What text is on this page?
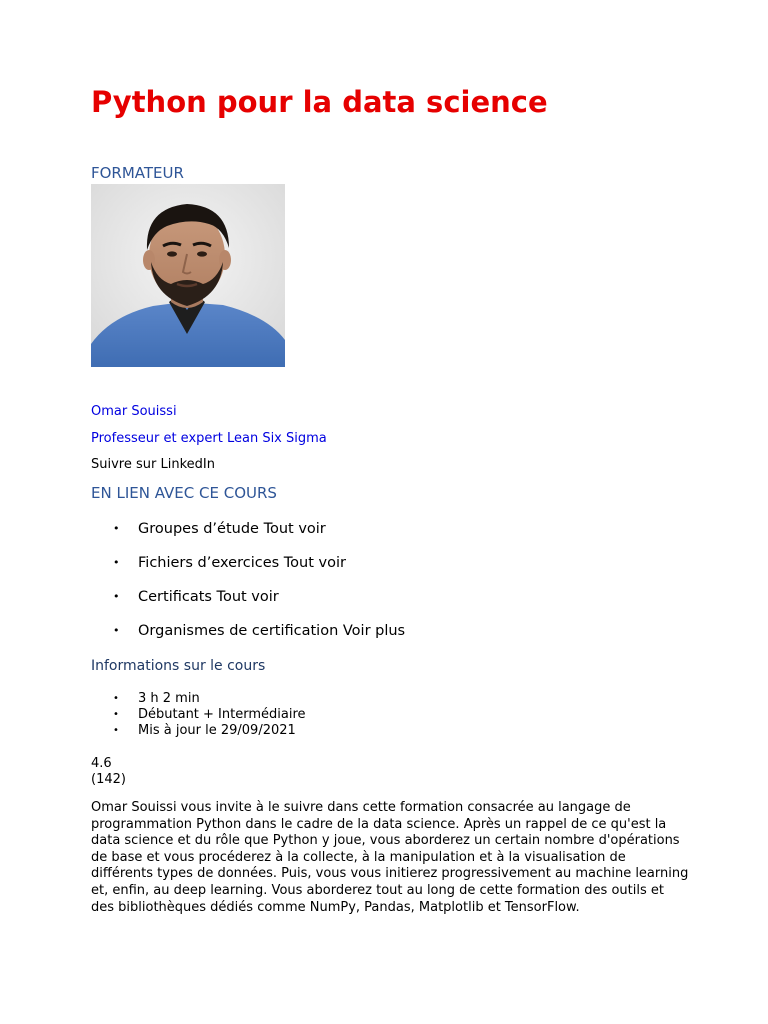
Python pour la data science
FORMATEUR
Omar Souissi
Professeur et expert Lean Six Sigma
Suivre sur LinkedIn
EN LIEN AVEC CE COURS
• Groupes d’étude Tout voir
• Fichiers d’exercices Tout voir
• Certificats Tout voir
• Organismes de certification Voir plus
Informations sur le cours
• 3 h 2 min
• Débutant + Intermédiaire
• Mis à jour le 29/09/2021
4.6
(142)

Omar Souissi vous invite à le suivre dans cette formation consacrée au langage de programmation Python dans le cadre de la data science. Après un rappel de ce qu'est la data science et du rôle que Python y joue, vous aborderez un certain nombre d'opérations de base et vous procéderez à la collecte, à la manipulation et à la visualisation de différents types de données. Puis, vous vous initierez progressivement au machine learning et, enfin, au deep learning. Vous aborderez tout au long de cette formation des outils et des bibliothèques dédiés comme NumPy, Pandas, Matplotlib et TensorFlow.
